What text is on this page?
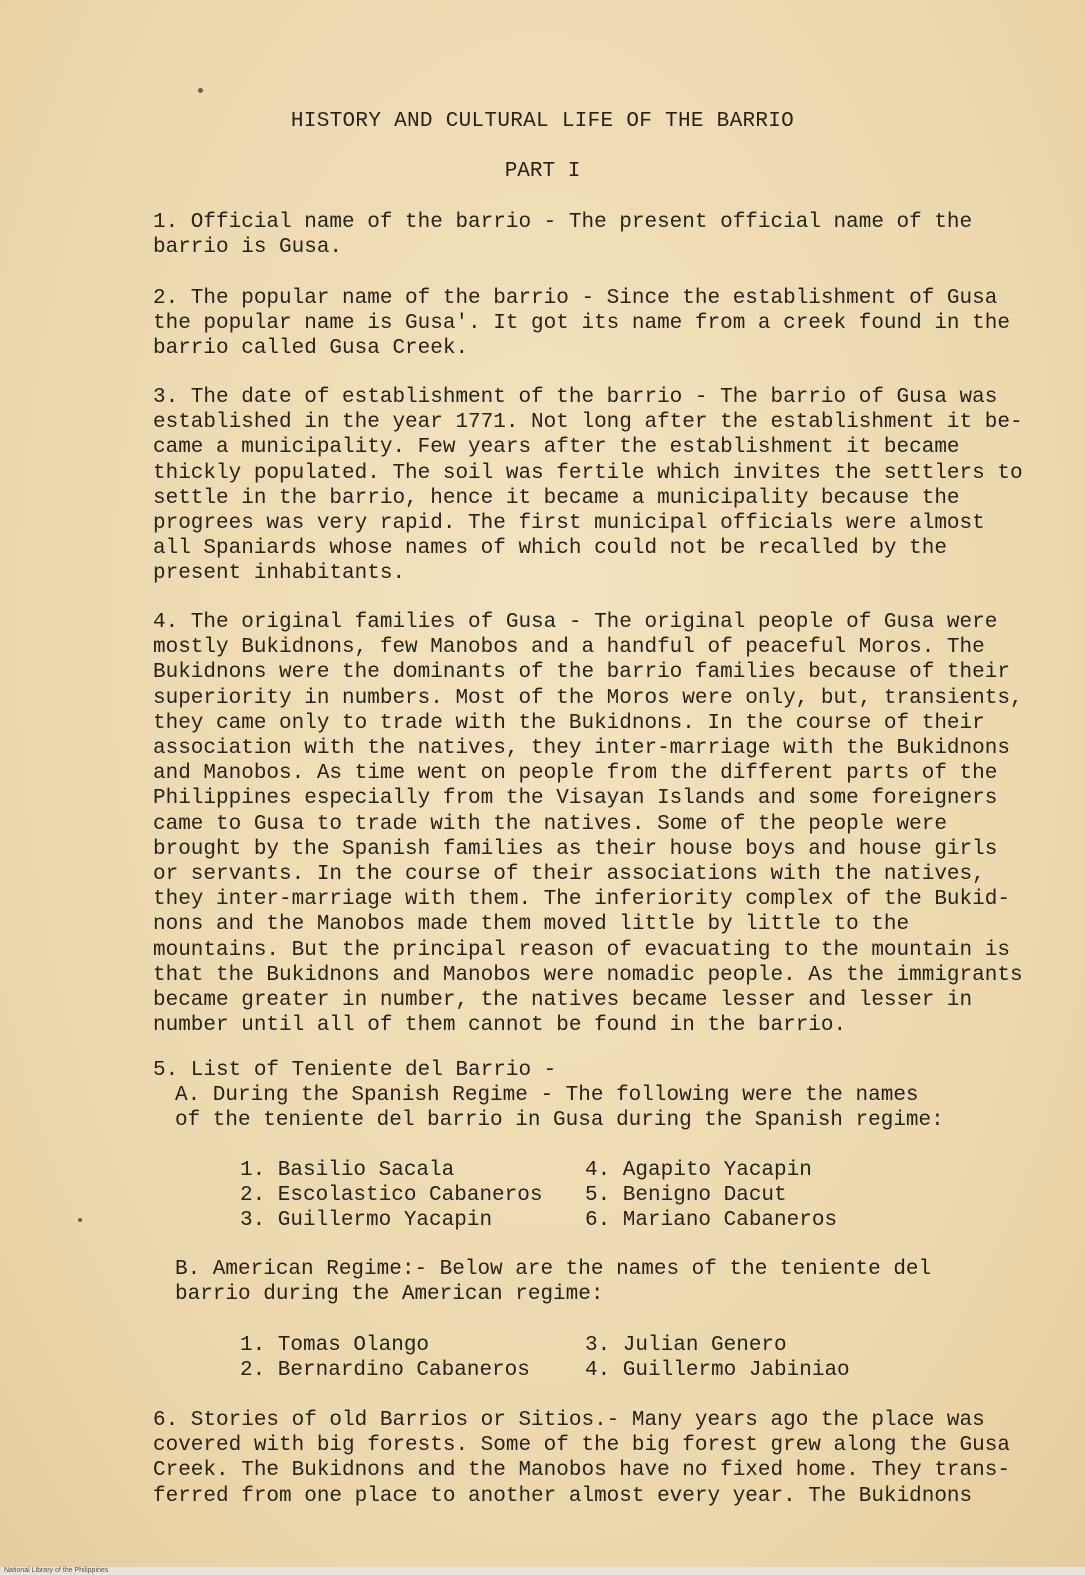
HISTORY AND CULTURAL LIFE OF THE BARRIO
PART I

1. Official name of the barrio - The present official name of the
barrio is Gusa.

2. The popular name of the barrio - Since the establishment of Gusa
the popular name is Gusa'. It got its name from a creek found in the
barrio called Gusa Creek.

3. The date of establishment of the barrio - The barrio of Gusa was
established in the year 1771. Not long after the establishment it be-
came a municipality. Few years after the establishment it became
thickly populated. The soil was fertile which invites the settlers to
settle in the barrio, hence it became a municipality because the
progrees was very rapid. The first municipal officials were almost
all Spaniards whose names of which could not be recalled by the
present inhabitants.

4. The original families of Gusa - The original people of Gusa were
mostly Bukidnons, few Manobos and a handful of peaceful Moros. The
Bukidnons were the dominants of the barrio families because of their
superiority in numbers. Most of the Moros were only, but, transients,
they came only to trade with the Bukidnons. In the course of their
association with the natives, they inter-marriage with the Bukidnons
and Manobos. As time went on people from the different parts of the
Philippines especially from the Visayan Islands and some foreigners
came to Gusa to trade with the natives. Some of the people were
brought by the Spanish families as their house boys and house girls
or servants. In the course of their associations with the natives,
they inter-marriage with them. The inferiority complex of the Bukid-
nons and the Manobos made them moved little by little to the
mountains. But the principal reason of evacuating to the mountain is
that the Bukidnons and Manobos were nomadic people. As the immigrants
became greater in number, the natives became lesser and lesser in
number until all of them cannot be found in the barrio.

5. List of Teniente del Barrio -

A. During the Spanish Regime - The following were the names
of the teniente del barrio in Gusa during the Spanish regime:

1. Basilio Sacala
2. Escolastico Cabaneros
3. Guillermo Yacapin
4. Agapito Yacapin
5. Benigno Dacut
6. Mariano Cabaneros

B. American Regime:- Below are the names of the teniente del
barrio during the American regime:

1. Tomas Olango
2. Bernardino Cabaneros
3. Julian Genero
4. Guillermo Jabiniao

6. Stories of old Barrios or Sitios.- Many years ago the place was
covered with big forests. Some of the big forest grew along the Gusa
Creek. The Bukidnons and the Manobos have no fixed home. They trans-
ferred from one place to another almost every year. The Bukidnons

National Library of the Philippines
